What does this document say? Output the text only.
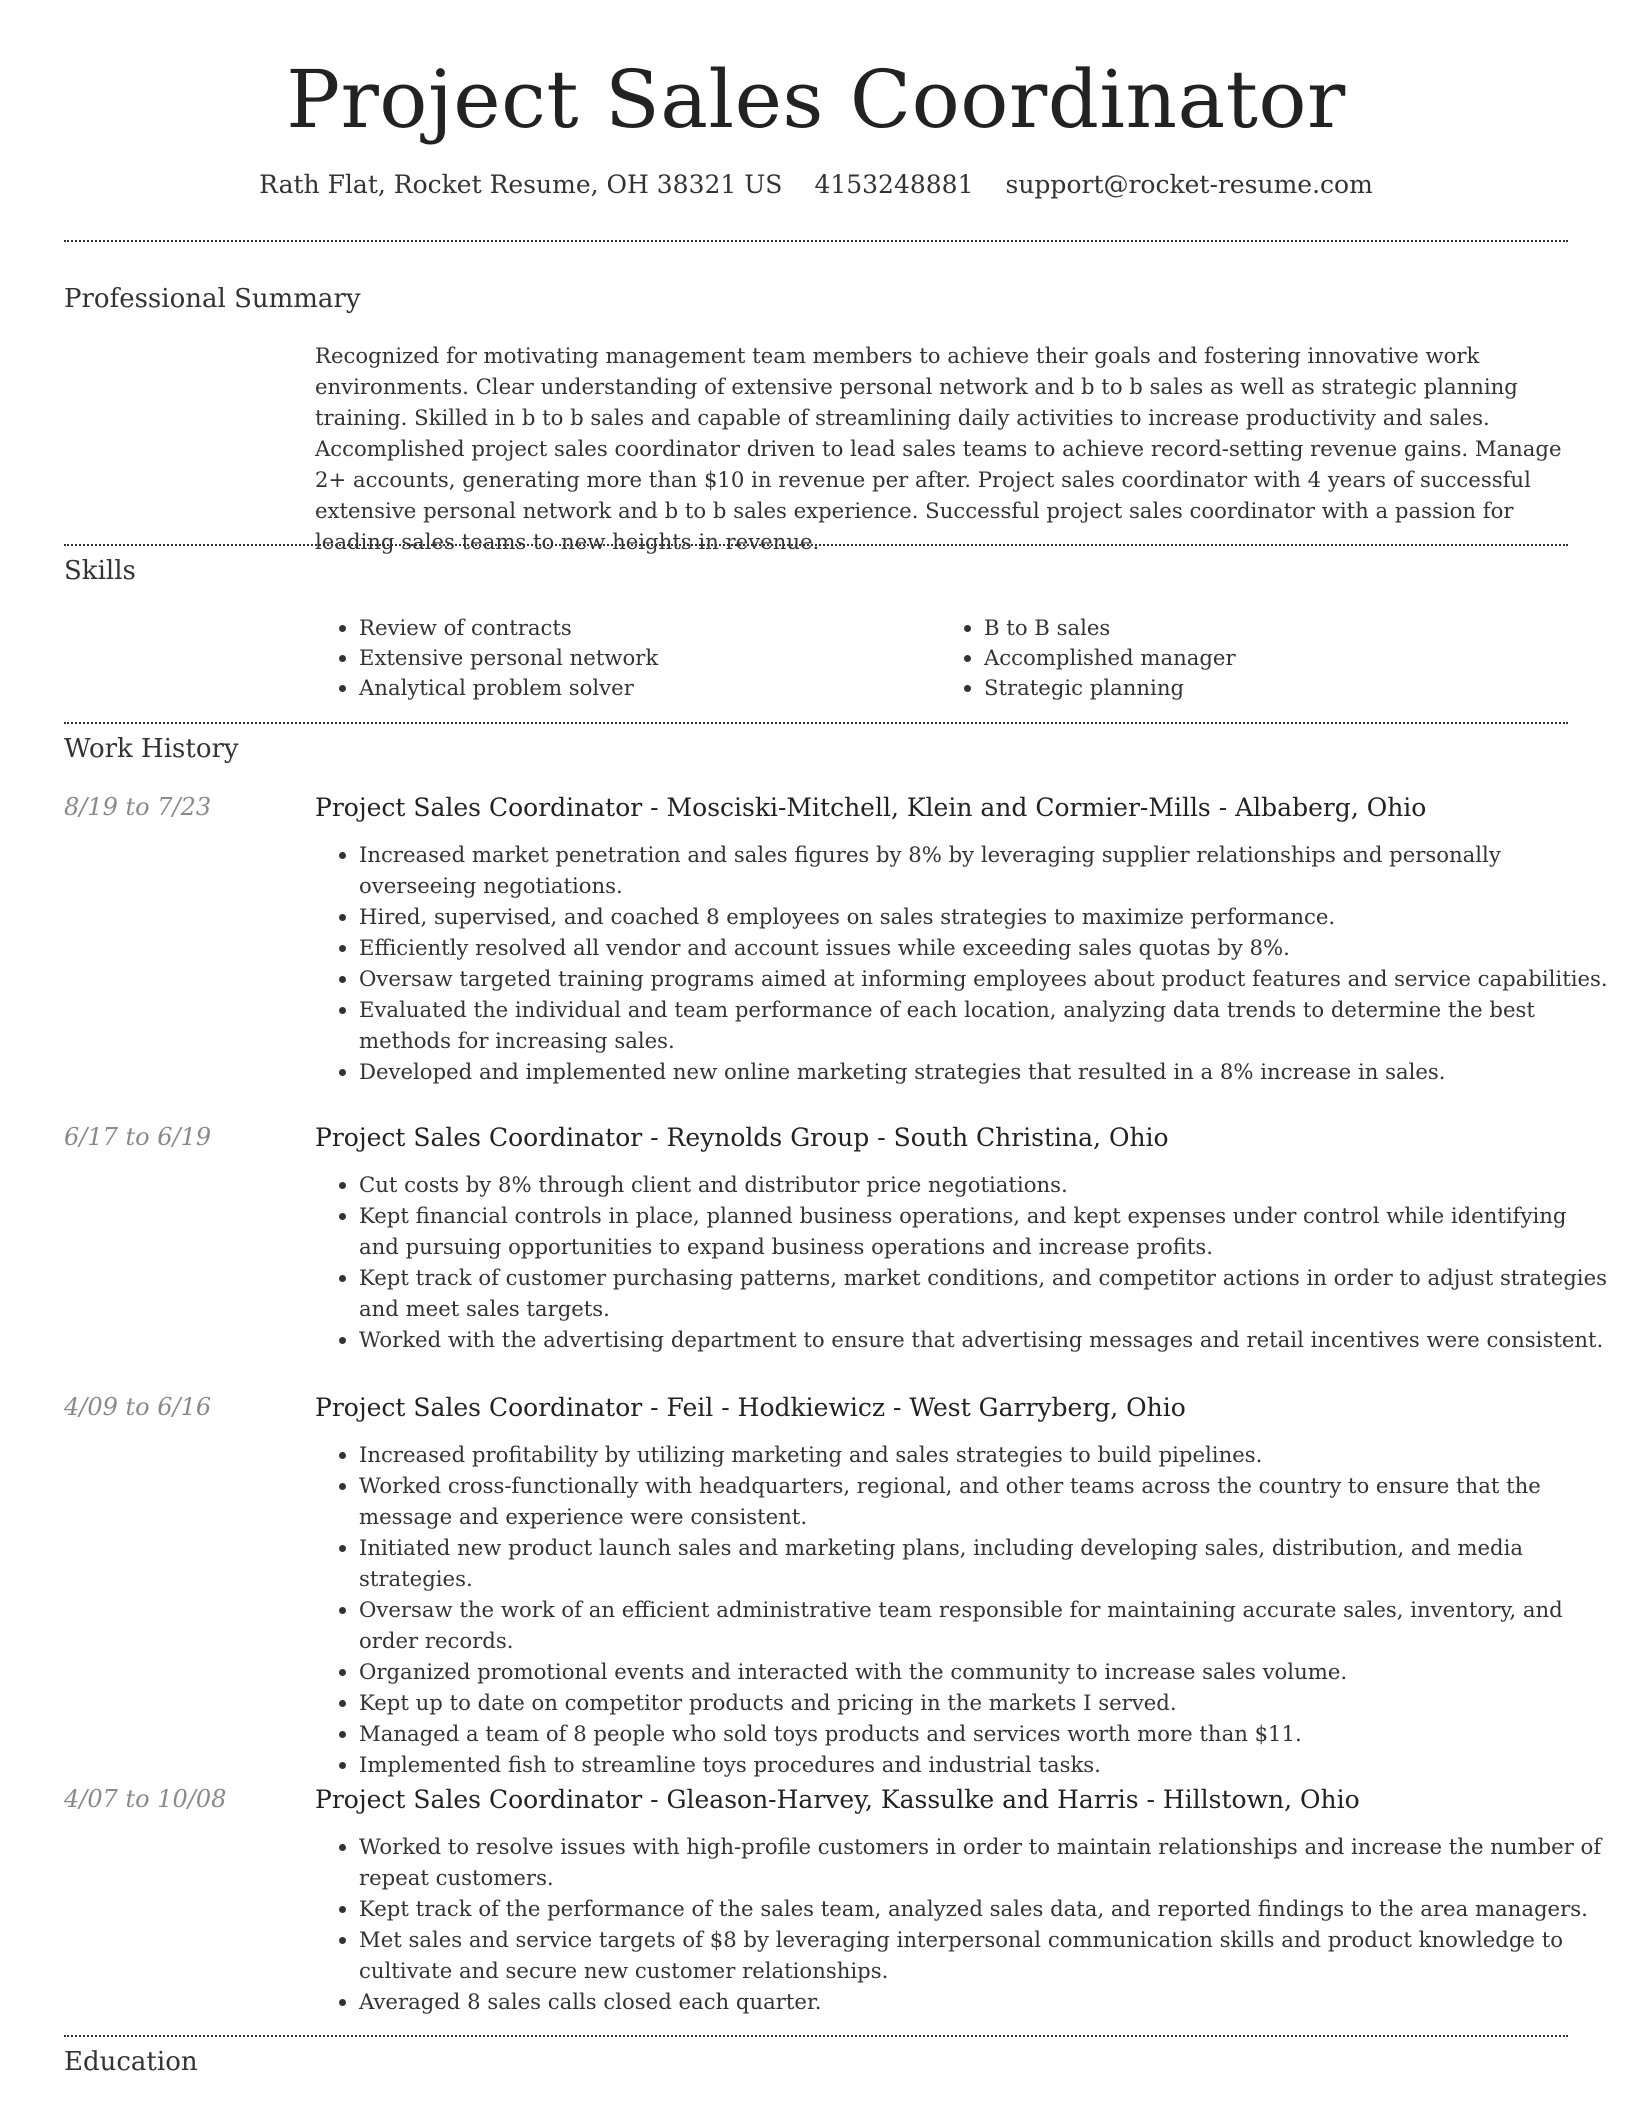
Project Sales Coordinator
Rath Flat, Rocket Resume, OH 38321 US 4153248881 support@rocket-resume.com
Professional Summary

Recognized for motivating management team members to achieve their goals and fostering innovative work environments. Clear understanding of extensive personal network and b to b sales as well as strategic planning training. Skilled in b to b sales and capable of streamlining daily activities to increase productivity and sales. Accomplished project sales coordinator driven to lead sales teams to achieve record-setting revenue gains. Manage 2+ accounts, generating more than $10 in revenue per after. Project sales coordinator with 4 years of successful extensive personal network and b to b sales experience. Successful project sales coordinator with a passion for leading sales teams to new heights in revenue.

Skills
• Review of contracts
• Extensive personal network
• Analytical problem solver
• B to B sales
• Accomplished manager
• Strategic planning
Work History
8/19 to 7/23	Project Sales Coordinator - Mosciski-Mitchell, Klein and Cormier-Mills - Albaberg, Ohio
• Increased market penetration and sales figures by 8% by leveraging supplier relationships and personally overseeing negotiations.
• Hired, supervised, and coached 8 employees on sales strategies to maximize performance.
• Efficiently resolved all vendor and account issues while exceeding sales quotas by 8%.
• Oversaw targeted training programs aimed at informing employees about product features and service capabilities.
• Evaluated the individual and team performance of each location, analyzing data trends to determine the best methods for increasing sales.
• Developed and implemented new online marketing strategies that resulted in a 8% increase in sales.
6/17 to 6/19	Project Sales Coordinator - Reynolds Group - South Christina, Ohio
• Cut costs by 8% through client and distributor price negotiations.
• Kept financial controls in place, planned business operations, and kept expenses under control while identifying and pursuing opportunities to expand business operations and increase profits.
• Kept track of customer purchasing patterns, market conditions, and competitor actions in order to adjust strategies and meet sales targets.
• Worked with the advertising department to ensure that advertising messages and retail incentives were consistent.
4/09 to 6/16	Project Sales Coordinator - Feil - Hodkiewicz - West Garryberg, Ohio
• Increased profitability by utilizing marketing and sales strategies to build pipelines.
• Worked cross-functionally with headquarters, regional, and other teams across the country to ensure that the message and experience were consistent.
• Initiated new product launch sales and marketing plans, including developing sales, distribution, and media strategies.
• Oversaw the work of an efficient administrative team responsible for maintaining accurate sales, inventory, and order records.
• Organized promotional events and interacted with the community to increase sales volume.
• Kept up to date on competitor products and pricing in the markets I served.
• Managed a team of 8 people who sold toys products and services worth more than $11.
• Implemented fish to streamline toys procedures and industrial tasks.
4/07 to 10/08	Project Sales Coordinator - Gleason-Harvey, Kassulke and Harris - Hillstown, Ohio
• Worked to resolve issues with high-profile customers in order to maintain relationships and increase the number of repeat customers.
• Kept track of the performance of the sales team, analyzed sales data, and reported findings to the area managers.
• Met sales and service targets of $8 by leveraging interpersonal communication skills and product knowledge to cultivate and secure new customer relationships.
• Averaged 8 sales calls closed each quarter.
Education
